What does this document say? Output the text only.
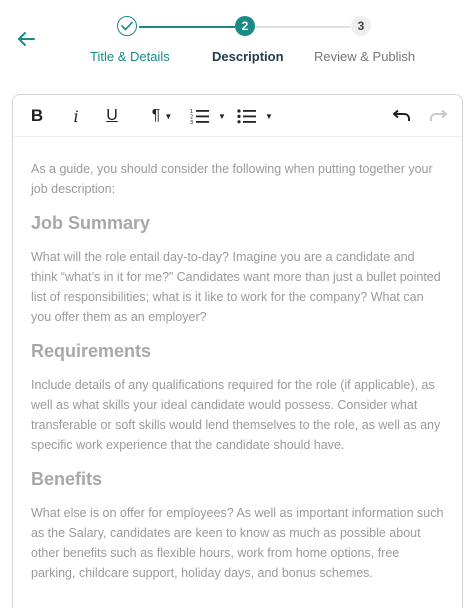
2	3
Title & Details	Description Review & Publish
B i U ¶ ▼	1
2
3
▼	▼

As a guide, you should consider the following when putting together your job description:

Job Summary

What will the role entail day-to-day? Imagine you are a candidate and think “what’s in it for me?” Candidates want more than just a bullet pointed list of responsibilities; what is it like to work for the company? What can you offer them as an employer?

Requirements

Include details of any qualifications required for the role (if applicable), as well as what skills your ideal candidate would possess. Consider what transferable or soft skills would lend themselves to the role, as well as any specific work experience that the candidate should have.

Benefits

What else is on offer for employees? As well as important information such as the Salary, candidates are keen to know as much as possible about other benefits such as flexible hours, work from home options, free parking, childcare support, holiday days, and bonus schemes.
